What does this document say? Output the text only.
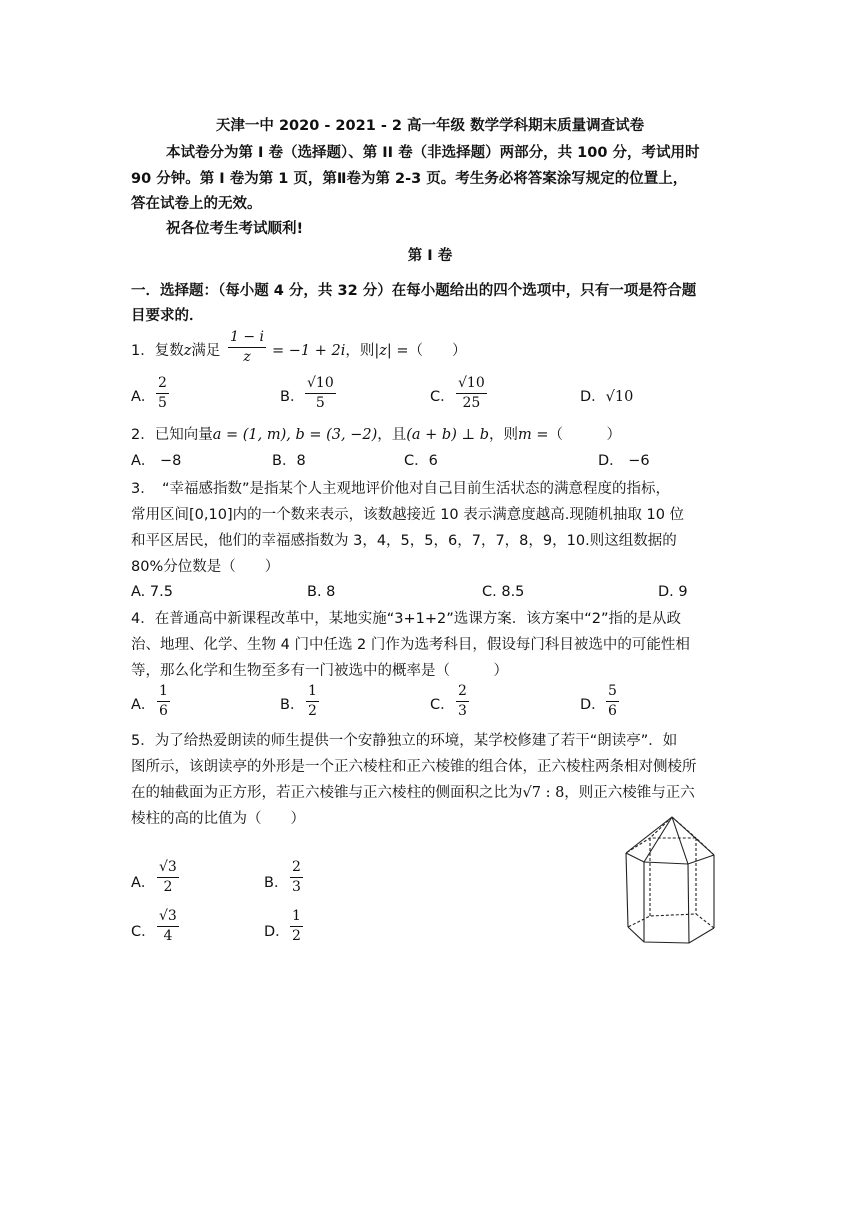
天津一中 2020 - 2021 - 2 高一年级 数学学科期末质量调查试卷
本试卷分为第 I 卷（选择题）、第 II 卷（非选择题）两部分，共 100 分，考试用时
90 分钟。第 I 卷为第 1 页，第Ⅱ卷为第 2-3 页。考生务必将答案涂写规定的位置上，
答在试卷上的无效。
祝各位考生考试顺利!
第 I 卷
一．选择题：（每小题 4 分，共 32 分）在每小题给出的四个选项中，只有一项是符合题
目要求的．
1．复数z满足 $\frac{1 - i}{z} = -1 + 2i$，则|z| =（　　）
A． $\frac{2}{5}$	B． $\frac{√10}{5}$	C． $\frac{√10}{25}$	D．√10
2．已知向量a = (1, m), b = (3, −2)，且(a + b) ⊥ b，则m =（　　　）
A． −8	B．8	C．6	D． −6
3．　“幸福感指数”是指某个人主观地评价他对自己目前生活状态的满意程度的指标，
常用区间[0,10]内的一个数来表示，该数越接近 10 表示满意度越高.现随机抽取 10 位
和平区居民，他们的幸福感指数为 3，4，5，5，6，7，7，8，9，10.则这组数据的
80%分位数是（　　）
A. 7.5	B. 8	C. 8.5	D. 9
4．在普通高中新课程改革中，某地实施“3+1+2”选课方案．该方案中“2”指的是从政
治、地理、化学、生物 4 门中任选 2 门作为选考科目，假设每门科目被选中的可能性相
等，那么化学和生物至多有一门被选中的概率是（　　　）
A． $\frac{1}{6}$	B． $\frac{1}{2}$	C． $\frac{2}{3}$	D． $\frac{5}{6}$
5．为了给热爱朗读的师生提供一个安静独立的环境，某学校修建了若干“朗读亭”．如
图所示，该朗读亭的外形是一个正六棱柱和正六棱锥的组合体，正六棱柱两条相对侧棱所
在的轴截面为正方形，若正六棱锥与正六棱柱的侧面积之比为√7 : 8，则正六棱锥与正六
棱柱的高的比值为（　　）
A． $\frac{√3}{2}$	B． $\frac{2}{3}$
C． $\frac{√3}{4}$	D． $\frac{1}{2}$
